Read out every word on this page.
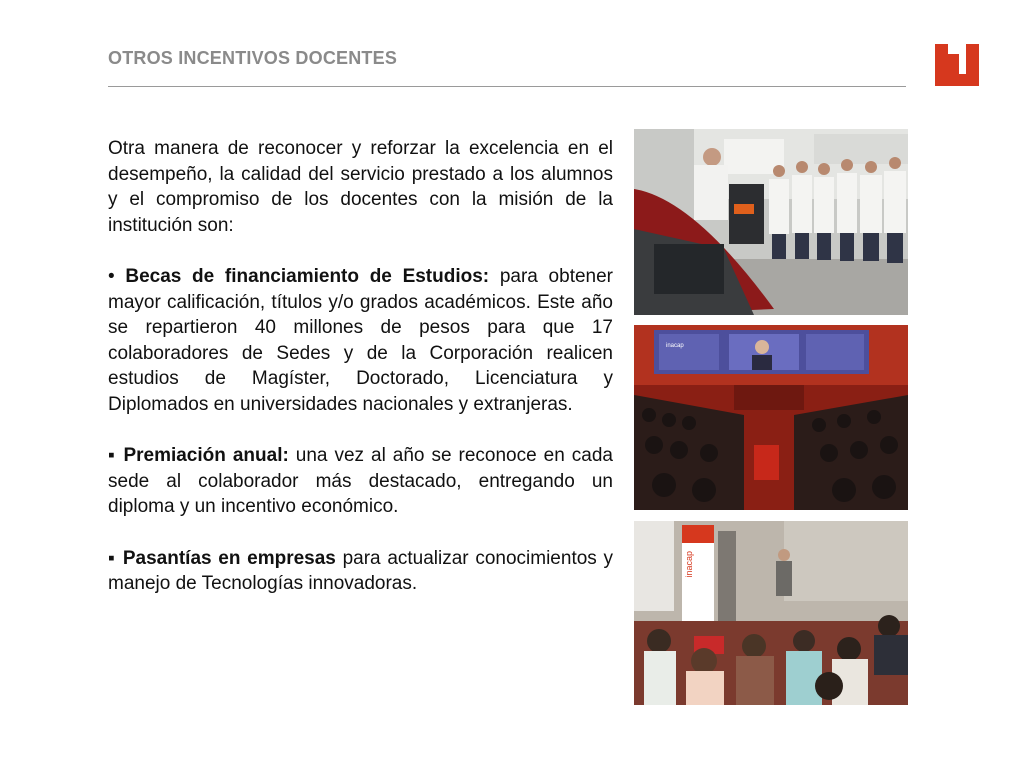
OTROS INCENTIVOS DOCENTES

Otra manera de reconocer y reforzar la excelencia en el desempeño, la calidad del servicio prestado a los alumnos y el compromiso de los docentes con la misión de la institución son:

• Becas de financiamiento de Estudios: para obtener mayor calificación, títulos y/o grados académicos. Este año se repartieron 40 millones de pesos para que 17 colaboradores de Sedes y de la Corporación realicen estudios de Magíster, Doctorado, Licenciatura y Diplomados en universidades nacionales y extranjeras.

▪ Premiación anual: una vez al año se reconoce en cada sede al colaborador más destacado, entregando un diploma y un incentivo económico.

▪ Pasantías en empresas para actualizar conocimientos y manejo de Tecnologías innovadoras.

inacap
inacap
